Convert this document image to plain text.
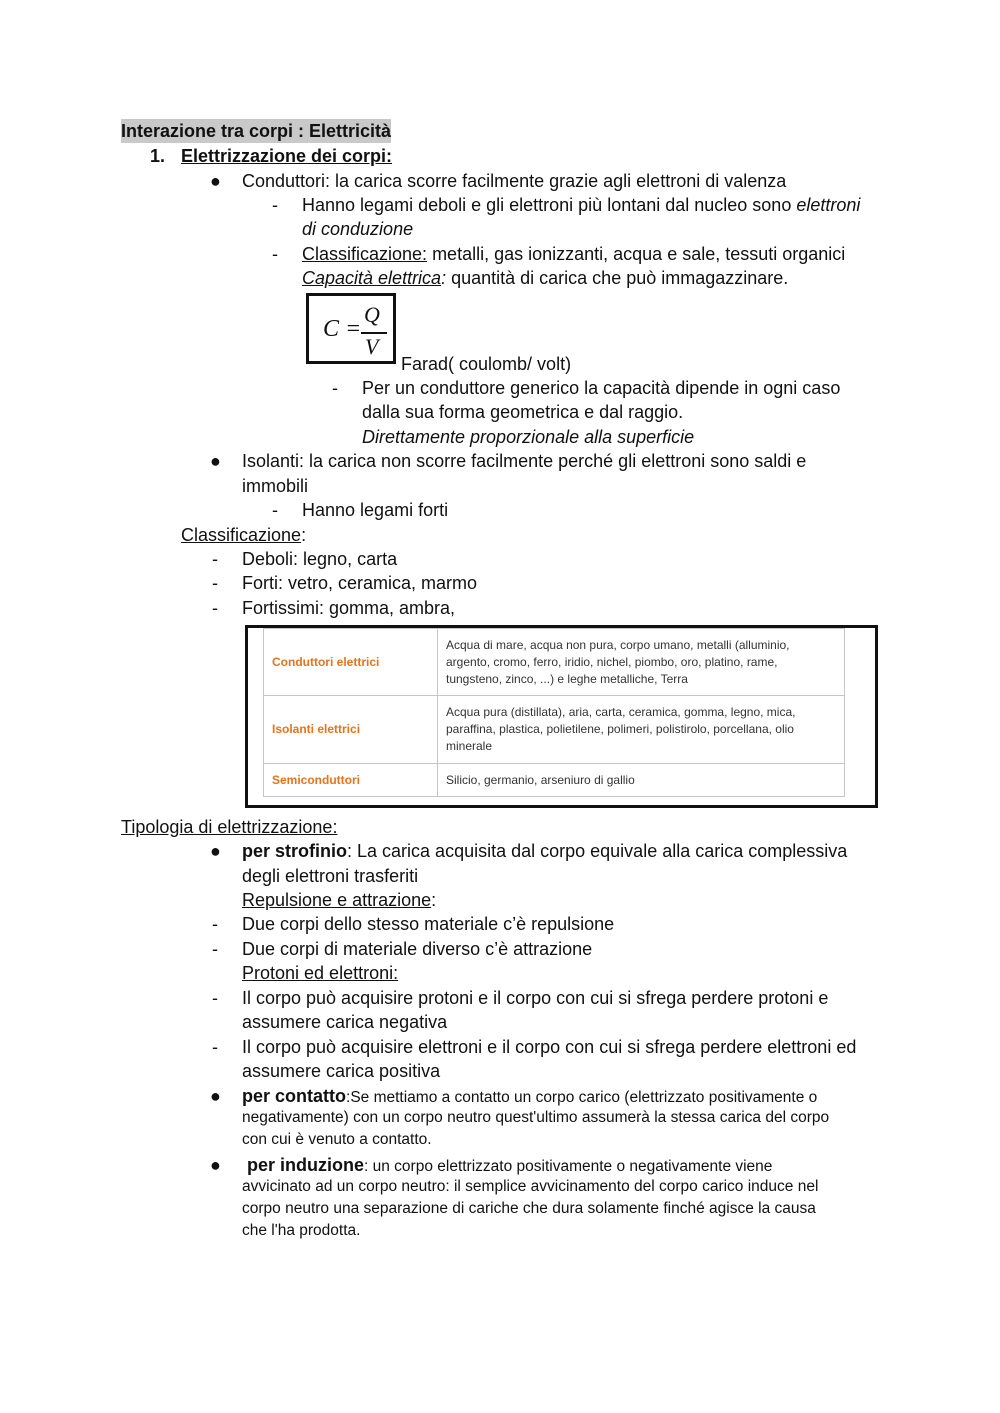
Interazione tra corpi : Elettricità
1. Elettrizzazione dei corpi:
● Conduttori: la carica scorre facilmente grazie agli elettroni di valenza
- Hanno legami deboli e gli elettroni più lontani dal nucleo sono elettroni
di conduzione
- Classificazione: metalli, gas ionizzanti, acqua e sale, tessuti organici
Capacità elettrica: quantità di carica che può immagazzinare.
C =
Q
V
Farad( coulomb/ volt)
- Per un conduttore generico la capacità dipende in ogni caso
dalla sua forma geometrica e dal raggio.
Direttamente proporzionale alla superficie
● Isolanti: la carica non scorre facilmente perché gli elettroni sono saldi e
immobili
- Hanno legami forti
Classificazione:
- Deboli: legno, carta
- Forti: vetro, ceramica, marmo
- Fortissimi: gomma, ambra,
Conduttori elettrici	Acqua di mare, acqua non pura, corpo umano, metalli (alluminio, argento, cromo, ferro, iridio, nichel, piombo, oro, platino, rame, tungsteno, zinco, ...) e leghe metalliche, Terra
Isolanti elettrici	Acqua pura (distillata), aria, carta, ceramica, gomma, legno, mica, paraffina, plastica, polietilene, polimeri, polistirolo, porcellana, olio minerale
Semiconduttori	Silicio, germanio, arseniuro di gallio
Tipologia di elettrizzazione:
● per strofinio: La carica acquisita dal corpo equivale alla carica complessiva
degli elettroni trasferiti
Repulsione e attrazione:
- Due corpi dello stesso materiale c’è repulsione
- Due corpi di materiale diverso c’è attrazione
Protoni ed elettroni:
- Il corpo può acquisire protoni e il corpo con cui si sfrega perdere protoni e
assumere carica negativa
- Il corpo può acquisire elettroni e il corpo con cui si sfrega perdere elettroni ed
assumere carica positiva
● per contatto:Se mettiamo a contatto un corpo carico (elettrizzato positivamente o
negativamente) con un corpo neutro quest'ultimo assumerà la stessa carica del corpo
con cui è venuto a contatto.
● per induzione: un corpo elettrizzato positivamente o negativamente viene
avvicinato ad un corpo neutro: il semplice avvicinamento del corpo carico induce nel
corpo neutro una separazione di cariche che dura solamente finché agisce la causa
che l'ha prodotta.
